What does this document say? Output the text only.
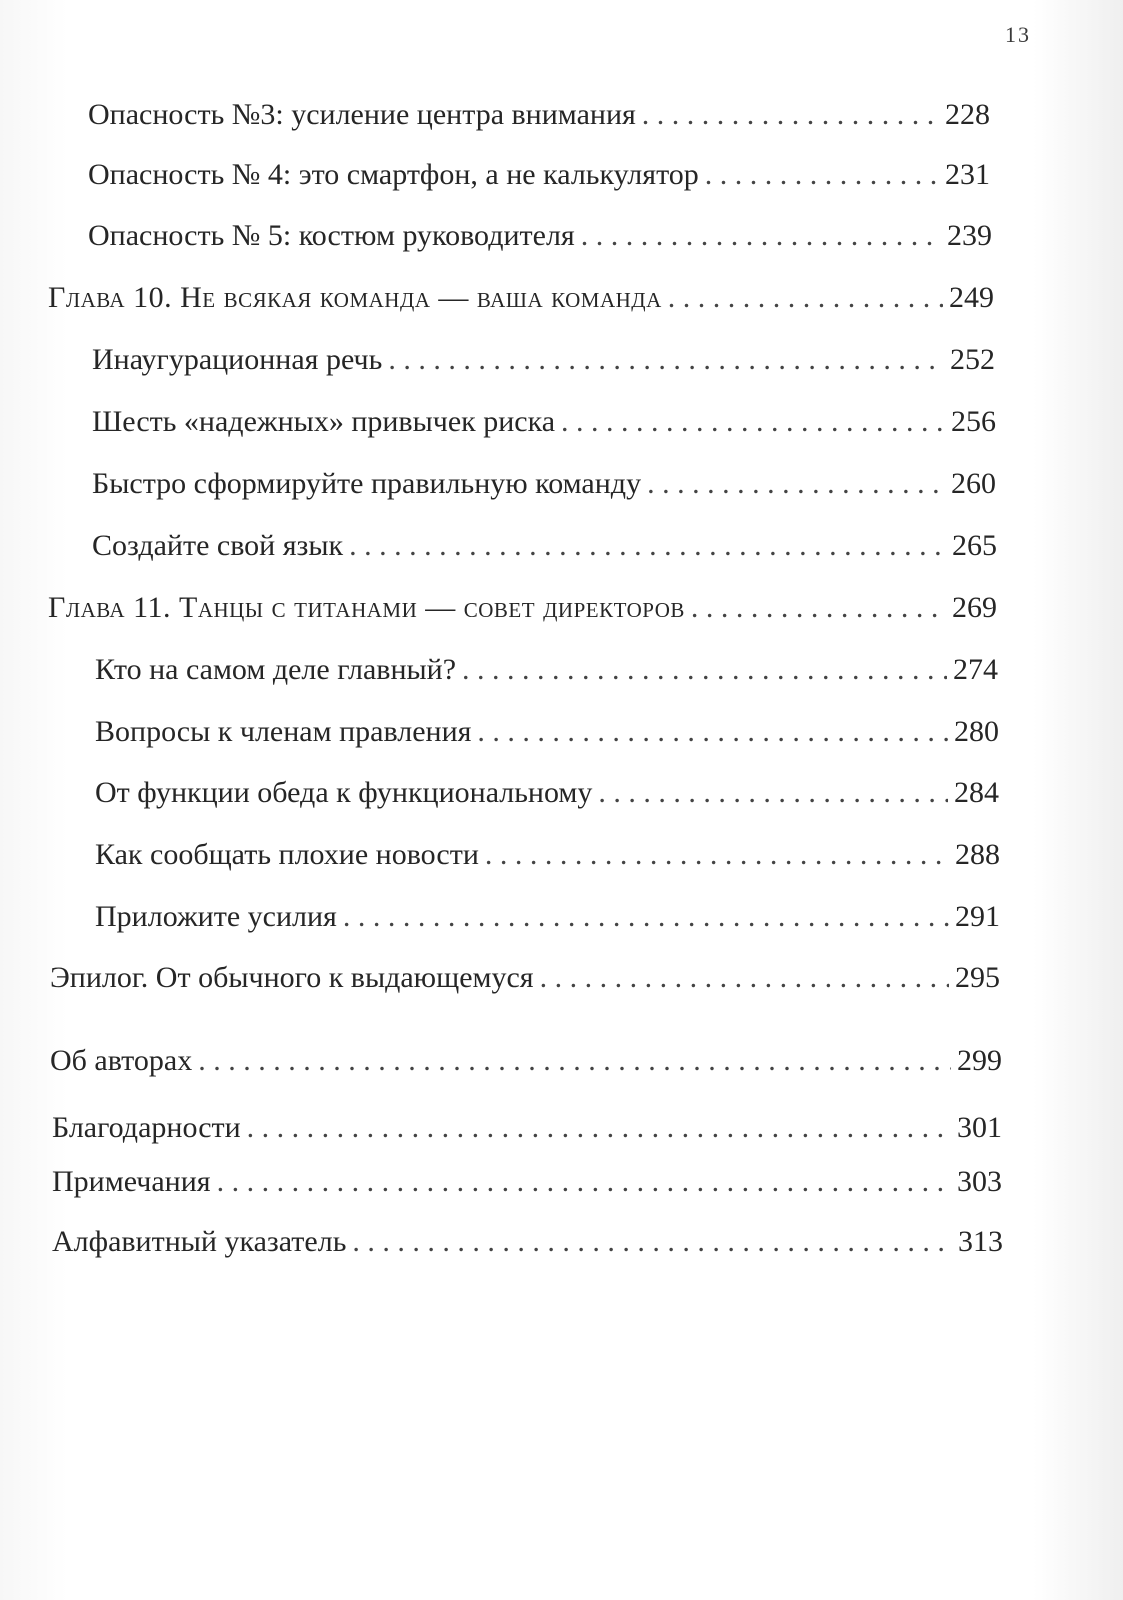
13
Опасность №3: усиление центра внимания . . .	228
Опасность № 4: это смартфон, а не калькулятор . . .	231
Опасность № 5: костюм руководителя . . .	239
Глава 10. Не всякая команда — ваша команда . . .	249
Инаугурационная речь . . .	252
Шесть «надежных» привычек риска . . .	256
Быстро сформируйте правильную команду . . .	260
Создайте свой язык . . .	265
Глава 11. Танцы с титанами — совет директоров . . .	269
Кто на самом деле главный? . . .	274
Вопросы к членам правления . . .	280
От функции обеда к функциональному . . .	284
Как сообщать плохие новости . . .	288
Приложите усилия . . .	291
Эпилог. От обычного к выдающемуся . . .	295
Об авторах . . .	299
Благодарности . . .	301
Примечания . . .	303
Алфавитный указатель . . .	313
